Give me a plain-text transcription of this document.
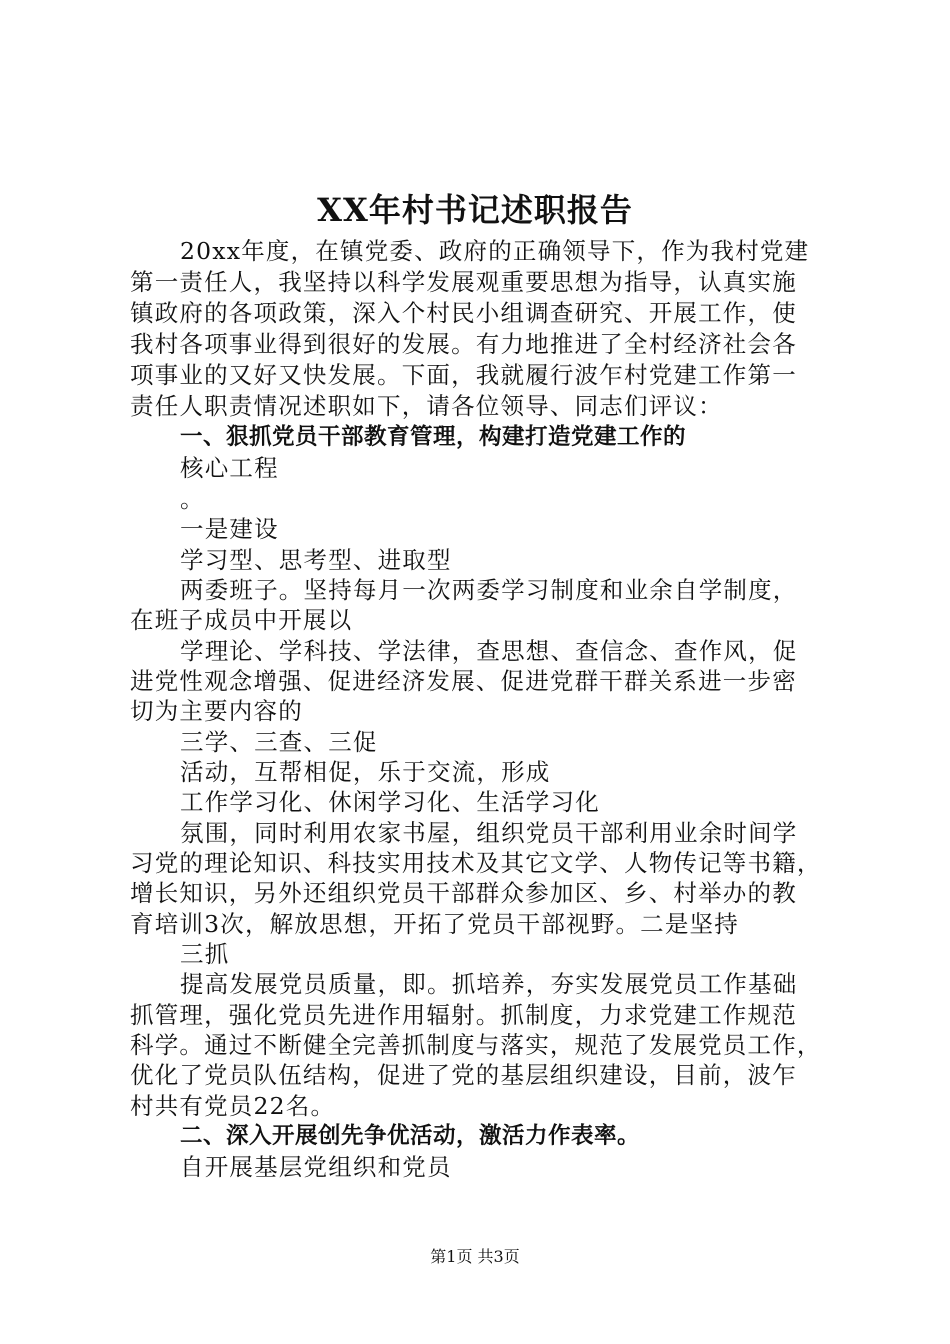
XX年村书记述职报告
20xx年度，在镇党委、政府的正确领导下，作为我村党建
第一责任人，我坚持以科学发展观重要思想为指导，认真实施
镇政府的各项政策，深入个村民小组调查研究、开展工作，使
我村各项事业得到很好的发展。有力地推进了全村经济社会各
项事业的又好又快发展。下面，我就履行波乍村党建工作第一
责任人职责情况述职如下，请各位领导、同志们评议：
一、狠抓党员干部教育管理，构建打造党建工作的
核心工程
。
一是建设
学习型、思考型、进取型
两委班子。坚持每月一次两委学习制度和业余自学制度，
在班子成员中开展以
学理论、学科技、学法律，查思想、查信念、查作风，促
进党性观念增强、促进经济发展、促进党群干群关系进一步密
切为主要内容的
三学、三查、三促
活动，互帮相促，乐于交流，形成
工作学习化、休闲学习化、生活学习化
氛围，同时利用农家书屋，组织党员干部利用业余时间学
习党的理论知识、科技实用技术及其它文学、人物传记等书籍，
增长知识，另外还组织党员干部群众参加区、乡、村举办的教
育培训3次，解放思想，开拓了党员干部视野。二是坚持
三抓
提高发展党员质量，即。抓培养，夯实发展党员工作基础
抓管理，强化党员先进作用辐射。抓制度，力求党建工作规范
科学。通过不断健全完善抓制度与落实，规范了发展党员工作，
优化了党员队伍结构，促进了党的基层组织建设，目前，波乍
村共有党员22名。
二、深入开展创先争优活动，激活力作表率。
自开展基层党组织和党员
第1页 共3页
